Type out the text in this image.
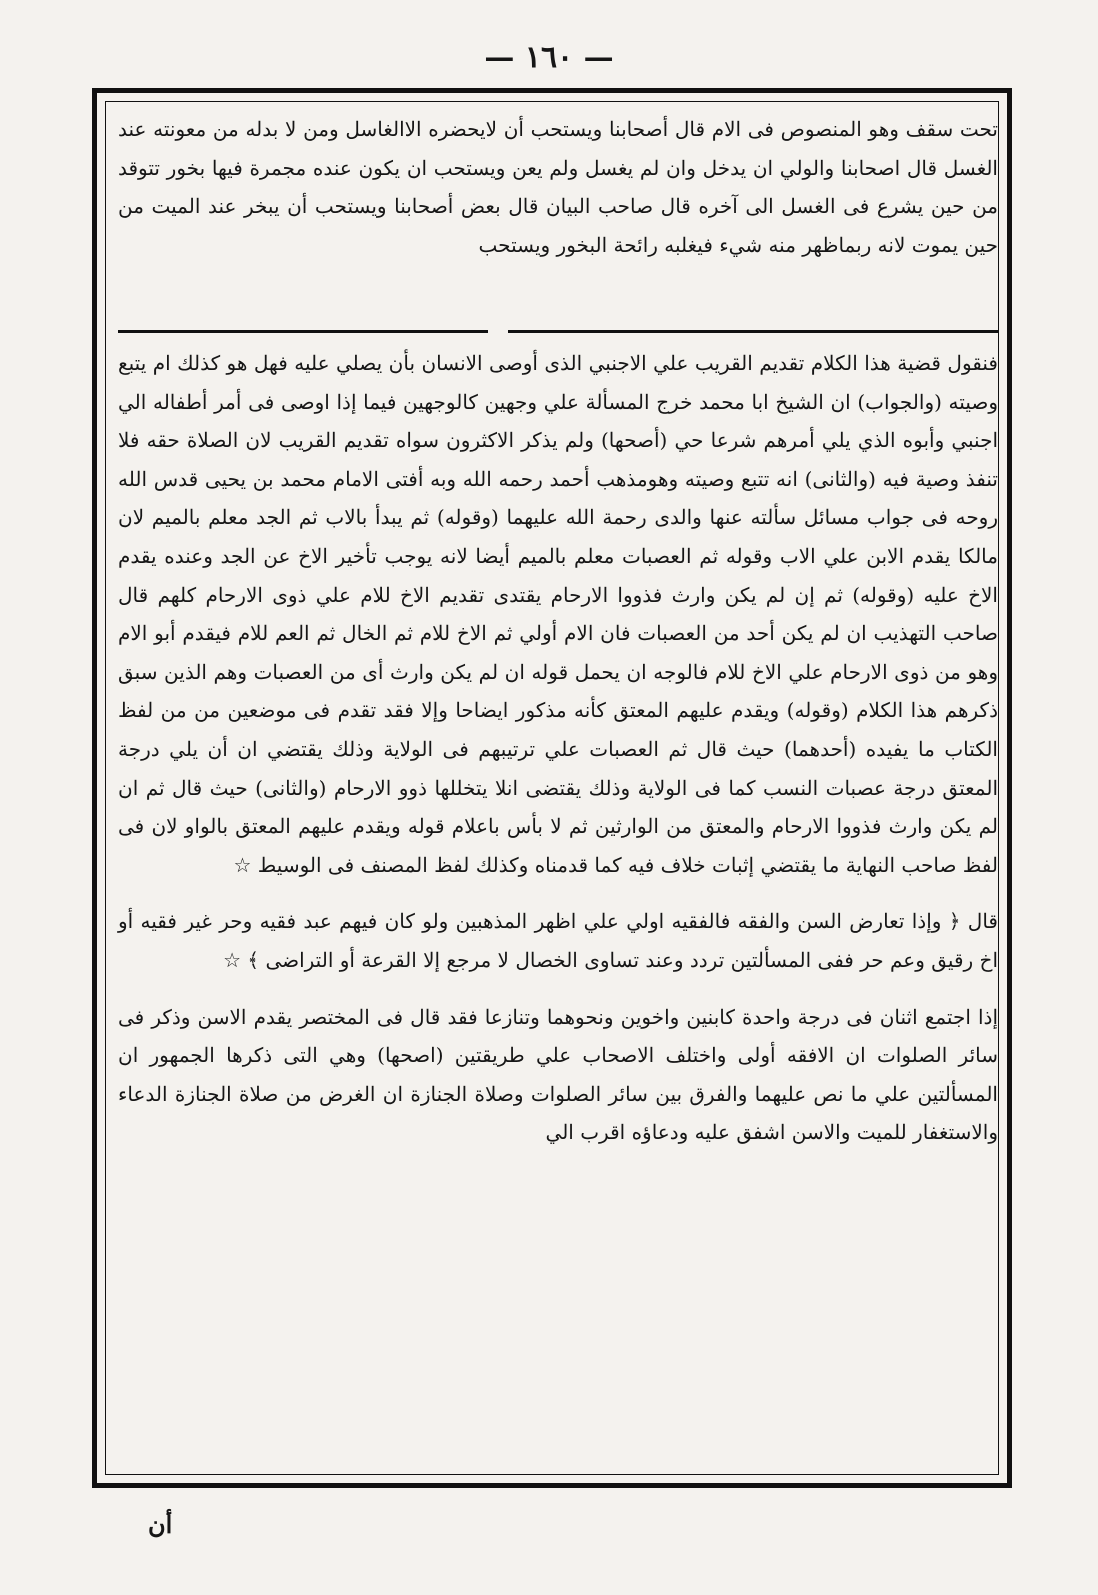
— ١٦٠ —

تحت سقف وهو المنصوص فى الام قال أصحابنا ويستحب أن لايحضره الاالغاسل ومن لا بدله من معونته عند الغسل قال اصحابنا والولي ان يدخل وان لم يغسل ولم يعن ويستحب ان يكون عنده مجمرة فيها بخور تتوقد من حين يشرع فى الغسل الى آخره قال صاحب البيان قال بعض أصحابنا ويستحب أن يبخر عند الميت من حين يموت لانه ربماظهر منه شيء فيغلبه رائحة البخور ويستحب

فنقول قضية هذا الكلام تقديم القريب علي الاجنبي الذى أوصى الانسان بأن يصلي عليه فهل هو كذلك ام يتبع وصيته (والجواب) ان الشيخ ابا محمد خرج المسألة علي وجهين كالوجهين فيما إذا اوصى فى أمر أطفاله الي اجنبي وأبوه الذي يلي أمرهم شرعا حي (أصحها) ولم يذكر الاكثرون سواه تقديم القريب لان الصلاة حقه فلا تنفذ وصية فيه (والثانى) انه تتبع وصيته وهومذهب أحمد رحمه الله وبه أفتى الامام محمد بن يحيى قدس الله روحه فى جواب مسائل سألته عنها والدى رحمة الله عليهما (وقوله) ثم يبدأ بالاب ثم الجد معلم بالميم لان مالكا يقدم الابن علي الاب وقوله ثم العصبات معلم بالميم أيضا لانه يوجب تأخير الاخ عن الجد وعنده يقدم الاخ عليه (وقوله) ثم إن لم يكن وارث فذووا الارحام يقتدى تقديم الاخ للام علي ذوى الارحام كلهم قال صاحب التهذيب ان لم يكن أحد من العصبات فان الام أولي ثم الاخ للام ثم الخال ثم العم للام فيقدم أبو الام وهو من ذوى الارحام علي الاخ للام فالوجه ان يحمل قوله ان لم يكن وارث أى من العصبات وهم الذين سبق ذكرهم هذا الكلام (وقوله) ويقدم عليهم المعتق كأنه مذكور ايضاحا وإلا فقد تقدم فى موضعين من من لفظ الكتاب ما يفيده (أحدهما) حيث قال ثم العصبات علي ترتيبهم فى الولاية وذلك يقتضي ان أن يلي درجة المعتق درجة عصبات النسب كما فى الولاية وذلك يقتضى انلا يتخللها ذوو الارحام (والثانى) حيث قال ثم ان لم يكن وارث فذووا الارحام والمعتق من الوارثين ثم لا بأس باعلام قوله ويقدم عليهم المعتق بالواو لان فى لفظ صاحب النهاية ما يقتضي إثبات خلاف فيه كما قدمناه وكذلك لفظ المصنف فى الوسيط ☆

قال ﴿ وإذا تعارض السن والفقه فالفقيه اولي علي اظهر المذهبين ولو كان فيهم عبد فقيه وحر غير فقيه أو اخ رقيق وعم حر ففى المسألتين تردد وعند تساوى الخصال لا مرجع إلا القرعة أو التراضى ﴾ ☆

إذا اجتمع اثنان فى درجة واحدة كابنين واخوين ونحوهما وتنازعا فقد قال فى المختصر يقدم الاسن وذكر فى سائر الصلوات ان الافقه أولى واختلف الاصحاب علي طريقتين (اصحها) وهي التى ذكرها الجمهور ان المسألتين علي ما نص عليهما والفرق بين سائر الصلوات وصلاة الجنازة ان الغرض من صلاة الجنازة الدعاء والاستغفار للميت والاسن اشفق عليه ودعاؤه اقرب الي

أن
